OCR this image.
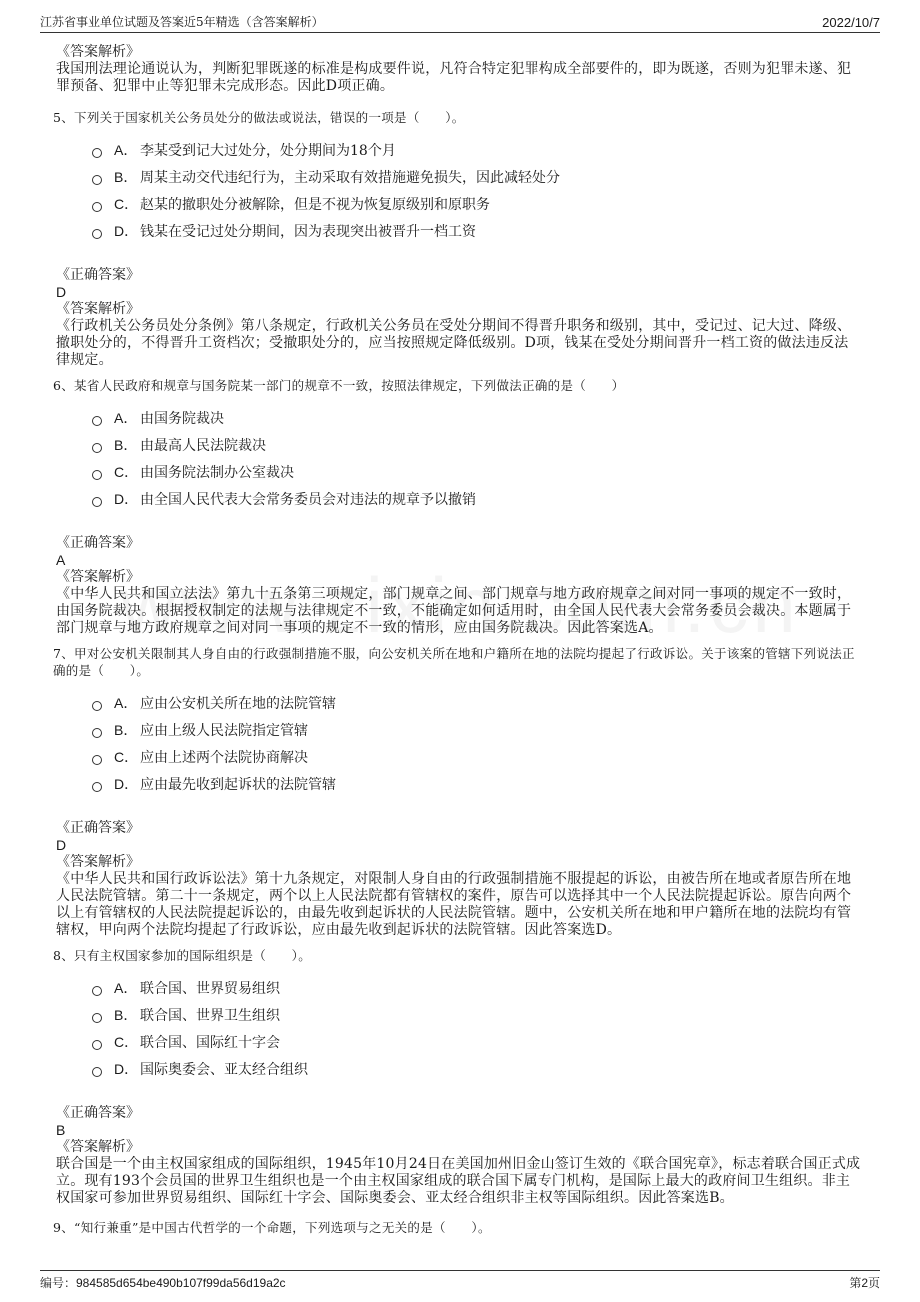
江苏省事业单位试题及答案近5年精选（含答案解析）	2022/10/7

《答案解析》

我国刑法理论通说认为，判断犯罪既遂的标准是构成要件说，凡符合特定犯罪构成全部要件的，即为既遂，否则为犯罪未遂、犯罪预备、犯罪中止等犯罪未完成形态。因此D项正确。

5、下列关于国家机关公务员处分的做法或说法，错误的一项是（　　）。

A． 李某受到记大过处分，处分期间为18个月
B． 周某主动交代违纪行为，主动采取有效措施避免损失，因此减轻处分
C． 赵某的撤职处分被解除，但是不视为恢复原级别和原职务
D． 钱某在受记过处分期间，因为表现突出被晋升一档工资

《正确答案》

D

《答案解析》

《行政机关公务员处分条例》第八条规定，行政机关公务员在受处分期间不得晋升职务和级别，其中，受记过、记大过、降级、撤职处分的，不得晋升工资档次；受撤职处分的，应当按照规定降低级别。D项，钱某在受处分期间晋升一档工资的做法违反法律规定。

6、某省人民政府和规章与国务院某一部门的规章不一致，按照法律规定，下列做法正确的是（　　）

A． 由国务院裁决
B． 由最高人民法院裁决
C． 由国务院法制办公室裁决
D． 由全国人民代表大会常务委员会对违法的规章予以撤销

《正确答案》

A

《答案解析》

《中华人民共和国立法法》第九十五条第三项规定，部门规章之间、部门规章与地方政府规章之间对同一事项的规定不一致时，由国务院裁决。根据授权制定的法规与法律规定不一致，不能确定如何适用时，由全国人民代表大会常务委员会裁决。本题属于部门规章与地方政府规章之间对同一事项的规定不一致的情形，应由国务院裁决。因此答案选A。

7、甲对公安机关限制其人身自由的行政强制措施不服，向公安机关所在地和户籍所在地的法院均提起了行政诉讼。关于该案的管辖下列说法正确的是（　　）。

A． 应由公安机关所在地的法院管辖
B． 应由上级人民法院指定管辖
C． 应由上述两个法院协商解决
D． 应由最先收到起诉状的法院管辖

《正确答案》

D

《答案解析》

《中华人民共和国行政诉讼法》第十九条规定，对限制人身自由的行政强制措施不服提起的诉讼，由被告所在地或者原告所在地人民法院管辖。第二十一条规定，两个以上人民法院都有管辖权的案件，原告可以选择其中一个人民法院提起诉讼。原告向两个以上有管辖权的人民法院提起诉讼的，由最先收到起诉状的人民法院管辖。题中，公安机关所在地和甲户籍所在地的法院均有管辖权，甲向两个法院均提起了行政诉讼，应由最先收到起诉状的法院管辖。因此答案选D。

8、只有主权国家参加的国际组织是（　　）。

A． 联合国、世界贸易组织
B． 联合国、世界卫生组织
C． 联合国、国际红十字会
D． 国际奥委会、亚太经合组织

《正确答案》

B

《答案解析》

联合国是一个由主权国家组成的国际组织，1945年10月24日在美国加州旧金山签订生效的《联合国宪章》，标志着联合国正式成立。现有193个会员国的世界卫生组织也是一个由主权国家组成的联合国下属专门机构，是国际上最大的政府间卫生组织。非主权国家可参加世界贸易组织、国际红十字会、国际奥委会、亚太经合组织非主权等国际组织。因此答案选B。

9、“知行兼重”是中国古代哲学的一个命题，下列选项与之无关的是（　　）。

编号：984585d654be490b107f99da56d19a2c	第2页
